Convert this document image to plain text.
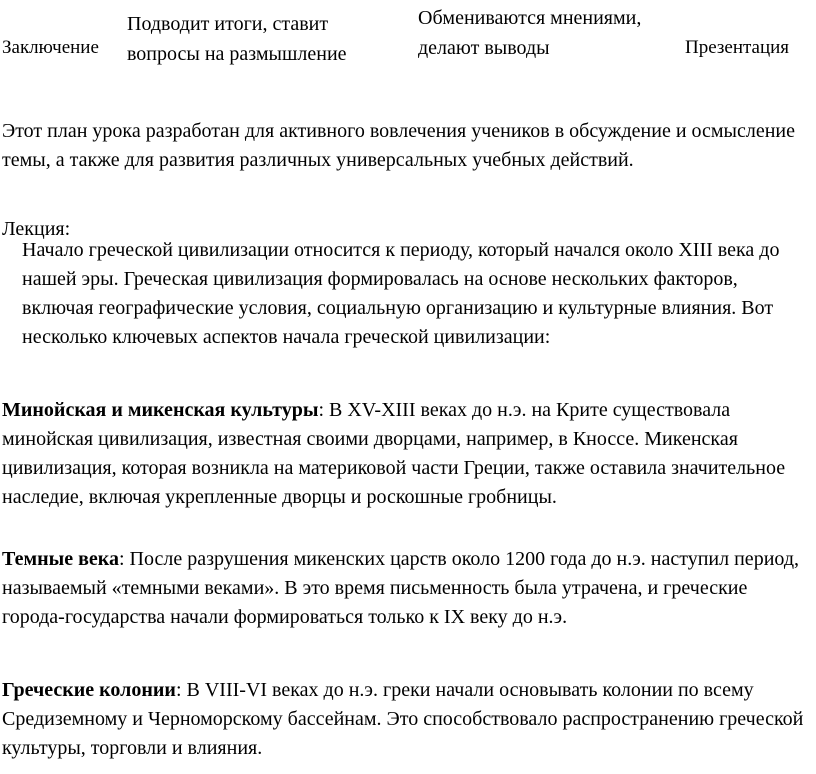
Заключение
Подводит итоги, ставит вопросы на размышление
Обмениваются мнениями, делают выводы	Презентация

Этот план урока разработан для активного вовлечения учеников в обсуждение и осмысление темы, а также для развития различных универсальных учебных действий.

Лекция:

Начало греческой цивилизации относится к периоду, который начался около XIII века до нашей эры. Греческая цивилизация формировалась на основе нескольких факторов, включая географические условия, социальную организацию и культурные влияния. Вот несколько ключевых аспектов начала греческой цивилизации:

Минойская и микенская культуры: В XV-XIII веках до н.э. на Крите существовала минойская цивилизация, известная своими дворцами, например, в Кноссе. Микенская цивилизация, которая возникла на материковой части Греции, также оставила значительное наследие, включая укрепленные дворцы и роскошные гробницы.

Темные века: После разрушения микенских царств около 1200 года до н.э. наступил период, называемый «темными веками». В это время письменность была утрачена, и греческие города-государства начали формироваться только к IX веку до н.э.

Греческие колонии: В VIII-VI веках до н.э. греки начали основывать колонии по всему Средиземному и Черноморскому бассейнам. Это способствовало распространению греческой культуры, торговли и влияния.
